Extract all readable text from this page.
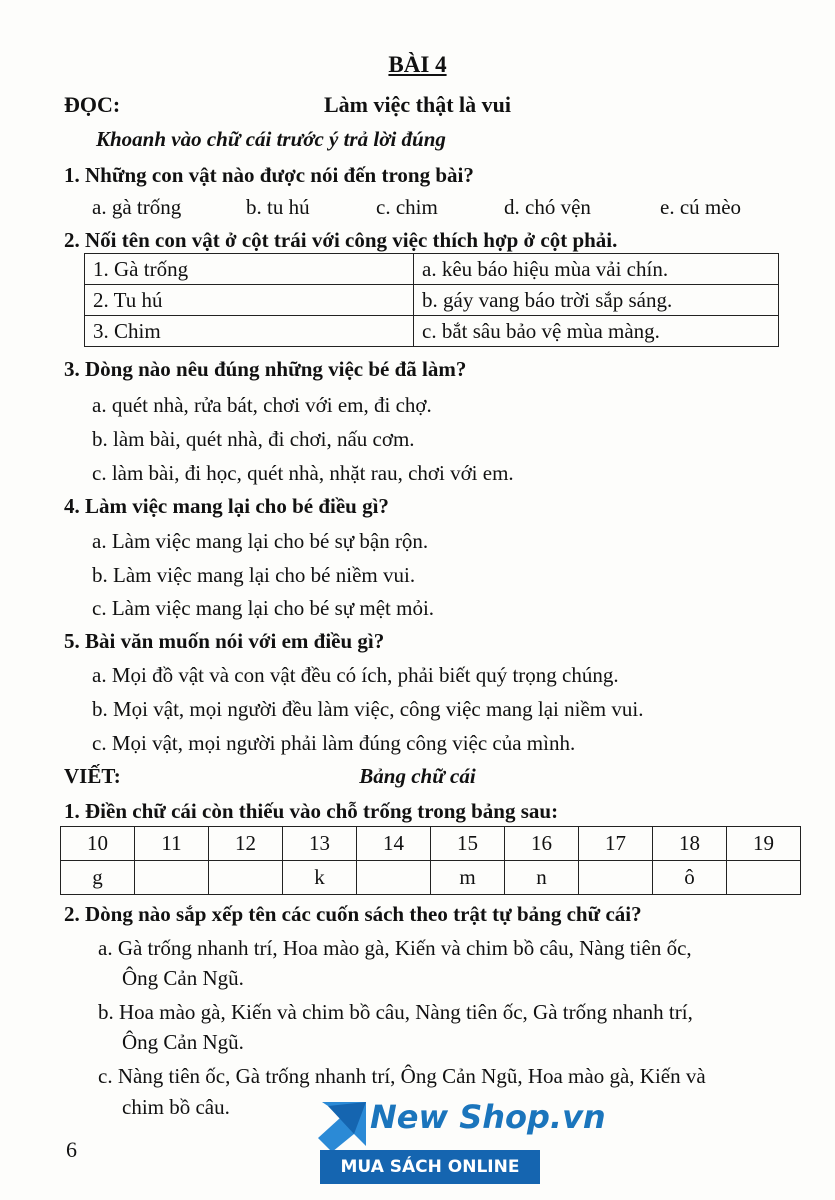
BÀI 4
ĐỌC:	Làm việc thật là vui
Khoanh vào chữ cái trước ý trả lời đúng
1. Những con vật nào được nói đến trong bài?
a. gà trống	b. tu hú	c. chim	d. chó vện	e. cú mèo
2. Nối tên con vật ở cột trái với công việc thích hợp ở cột phải.
1. Gà trống	a. kêu báo hiệu mùa vải chín.
2. Tu hú	b. gáy vang báo trời sắp sáng.
3. Chim	c. bắt sâu bảo vệ mùa màng.
3. Dòng nào nêu đúng những việc bé đã làm?
a. quét nhà, rửa bát, chơi với em, đi chợ.
b. làm bài, quét nhà, đi chơi, nấu cơm.
c. làm bài, đi học, quét nhà, nhặt rau, chơi với em.
4. Làm việc mang lại cho bé điều gì?
a. Làm việc mang lại cho bé sự bận rộn.
b. Làm việc mang lại cho bé niềm vui.
c. Làm việc mang lại cho bé sự mệt mỏi.
5. Bài văn muốn nói với em điều gì?
a. Mọi đồ vật và con vật đều có ích, phải biết quý trọng chúng.
b. Mọi vật, mọi người đều làm việc, công việc mang lại niềm vui.
c. Mọi vật, mọi người phải làm đúng công việc của mình.
VIẾT:	Bảng chữ cái
1. Điền chữ cái còn thiếu vào chỗ trống trong bảng sau:
10	11	12	13	14	15	16	17	18	19
g			k		m	n		ô	
2. Dòng nào sắp xếp tên các cuốn sách theo trật tự bảng chữ cái?
a. Gà trống nhanh trí, Hoa mào gà, Kiến và chim bồ câu, Nàng tiên ốc,
Ông Cản Ngũ.
b. Hoa mào gà, Kiến và chim bồ câu, Nàng tiên ốc, Gà trống nhanh trí,
Ông Cản Ngũ.
c. Nàng tiên ốc, Gà trống nhanh trí, Ông Cản Ngũ, Hoa mào gà, Kiến và
chim bồ câu.
6
New Shop.vn
MUA SÁCH ONLINE
